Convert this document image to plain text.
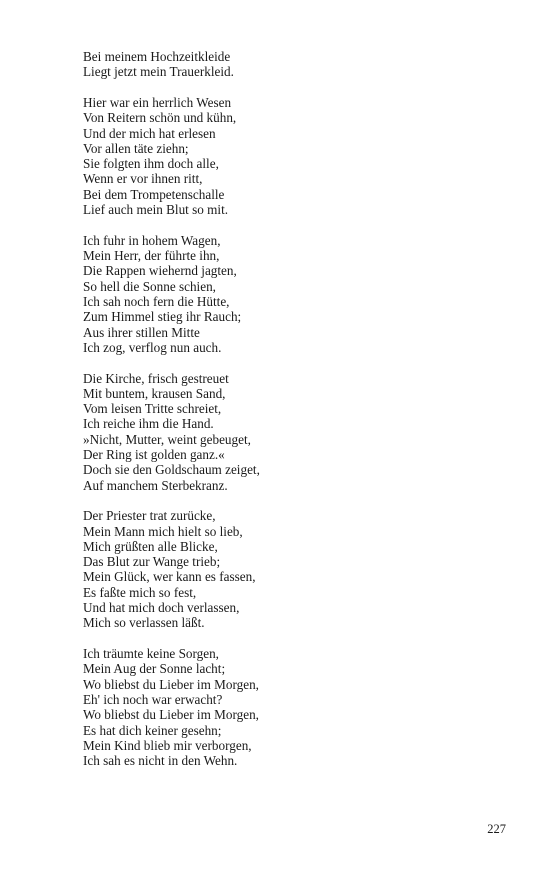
Bei meinem Hochzeitkleide
Liegt jetzt mein Trauerkleid.
Hier war ein herrlich Wesen
Von Reitern schön und kühn,
Und der mich hat erlesen
Vor allen täte ziehn;
Sie folgten ihm doch alle,
Wenn er vor ihnen ritt,
Bei dem Trompetenschalle
Lief auch mein Blut so mit.
Ich fuhr in hohem Wagen,
Mein Herr, der führte ihn,
Die Rappen wiehernd jagten,
So hell die Sonne schien,
Ich sah noch fern die Hütte,
Zum Himmel stieg ihr Rauch;
Aus ihrer stillen Mitte
Ich zog, verflog nun auch.
Die Kirche, frisch gestreuet
Mit buntem, krausen Sand,
Vom leisen Tritte schreiet,
Ich reiche ihm die Hand.
»Nicht, Mutter, weint gebeuget,
Der Ring ist golden ganz.«
Doch sie den Goldschaum zeiget,
Auf manchem Sterbekranz.
Der Priester trat zurücke,
Mein Mann mich hielt so lieb,
Mich grüßten alle Blicke,
Das Blut zur Wange trieb;
Mein Glück, wer kann es fassen,
Es faßte mich so fest,
Und hat mich doch verlassen,
Mich so verlassen läßt.
Ich träumte keine Sorgen,
Mein Aug der Sonne lacht;
Wo bliebst du Lieber im Morgen,
Eh' ich noch war erwacht?
Wo bliebst du Lieber im Morgen,
Es hat dich keiner gesehn;
Mein Kind blieb mir verborgen,
Ich sah es nicht in den Wehn.
227
